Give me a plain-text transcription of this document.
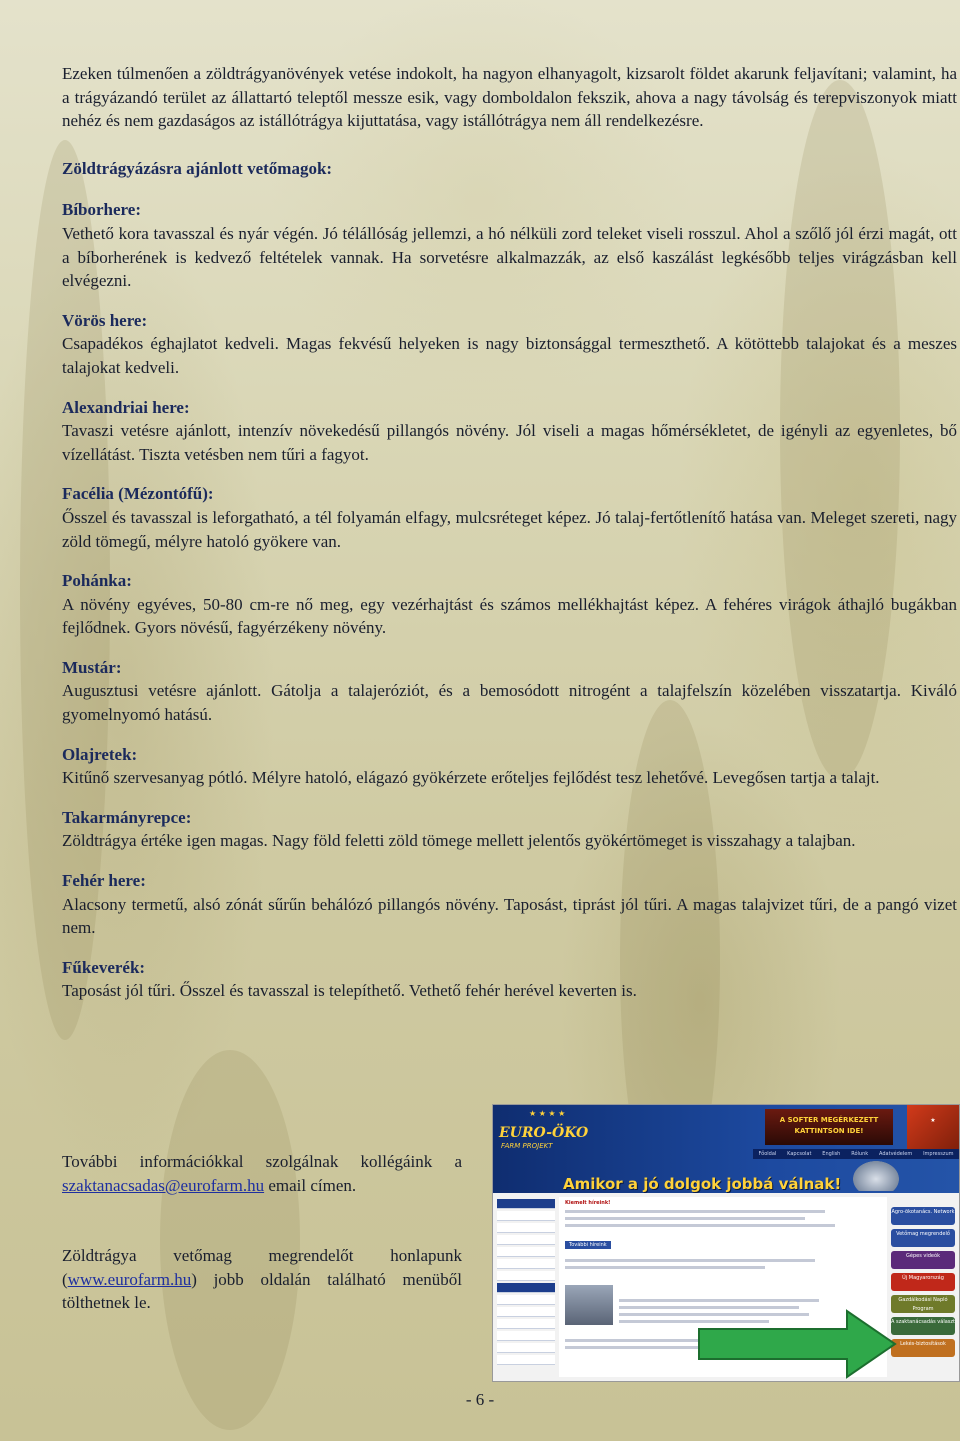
Ezeken túlmenően a zöldtrágyanövények vetése indokolt, ha nagyon elhanyagolt, kizsarolt földet akarunk feljavítani; valamint, ha a trágyázandó terület az állattartó teleptől messze esik, vagy domboldalon fekszik, ahova a nagy távolság és terepviszonyok miatt nehéz és nem gazdaságos az istállótrágya kijuttatása, vagy istállótrágya nem áll rendelkezésre.

Zöldtrágyázásra ajánlott vetőmagok:

Bíborhere:

Vethető kora tavasszal és nyár végén. Jó télállóság jellemzi, a hó nélküli zord teleket viseli rosszul. Ahol a szőlő jól érzi magát, ott a bíborherének is kedvező feltételek vannak. Ha sorvetésre alkalmazzák, az első kaszálást legkésőbb teljes virágzásban kell elvégezni.

Vörös here:

Csapadékos éghajlatot kedveli. Magas fekvésű helyeken is nagy biztonsággal termeszthető. A kötöttebb talajokat és a meszes talajokat kedveli.

Alexandriai here:

Tavaszi vetésre ajánlott, intenzív növekedésű pillangós növény. Jól viseli a magas hőmérsékletet, de igényli az egyenletes, bő vízellátást. Tiszta vetésben nem tűri a fagyot.

Facélia (Mézontófű):

Ősszel és tavasszal is leforgatható, a tél folyamán elfagy, mulcsréteget képez. Jó talaj-fertőtlenítő hatása van. Meleget szereti, nagy zöld tömegű, mélyre hatoló gyökere van.

Pohánka:

A növény egyéves, 50-80 cm-re nő meg, egy vezérhajtást és számos mellékhajtást képez. A fehéres virágok áthajló bugákban fejlődnek. Gyors növésű, fagyérzékeny növény.

Mustár:

Augusztusi vetésre ajánlott. Gátolja a talajeróziót, és a bemosódott nitrogént a talajfelszín közelében visszatartja. Kiváló gyomelnyomó hatású.

Olajretek:

Kitűnő szervesanyag pótló. Mélyre hatoló, elágazó gyökérzete erőteljes fejlődést tesz lehetővé. Levegősen tartja a talajt.

Takarmányrepce:

Zöldtrágya értéke igen magas. Nagy föld feletti zöld tömege mellett jelentős gyökértömeget is visszahagy a talajban.

Fehér here:

Alacsony termetű, alsó zónát sűrűn behálózó pillangós növény. Taposást, tiprást jól tűri. A magas talajvizet tűri, de a pangó vizet nem.

Fűkeverék:

Taposást jól tűri. Ősszel és tavasszal is telepíthető. Vethető fehér herével keverten is.

További információkkal szolgálnak kollégáink a szaktanacsadas@eurofarm.hu email címen.
Zöldtrágya vetőmag megrendelőt honlapunk (www.eurofarm.hu) jobb oldalán található menüből tölthetnek le.
★ ★ ★ ★
EURO-ÖKO
FARM PROJEKT
A SOFTER MEGÉRKEZETT KATTINTSON IDE!
★
Főoldal Kapcsolat English Rólunk Adatvédelem Impresszum
Amikor a jó dolgok jobbá válnak!
Kiemelt híreink!
További híreink
Agro-ökotanács. Network
Vetőmag megrendelő
Gépes videók
Új Magyarország
Gazdálkodási Napló Program
A szaktanácsadás választ
Lekés-biztosítások
- 6 -
